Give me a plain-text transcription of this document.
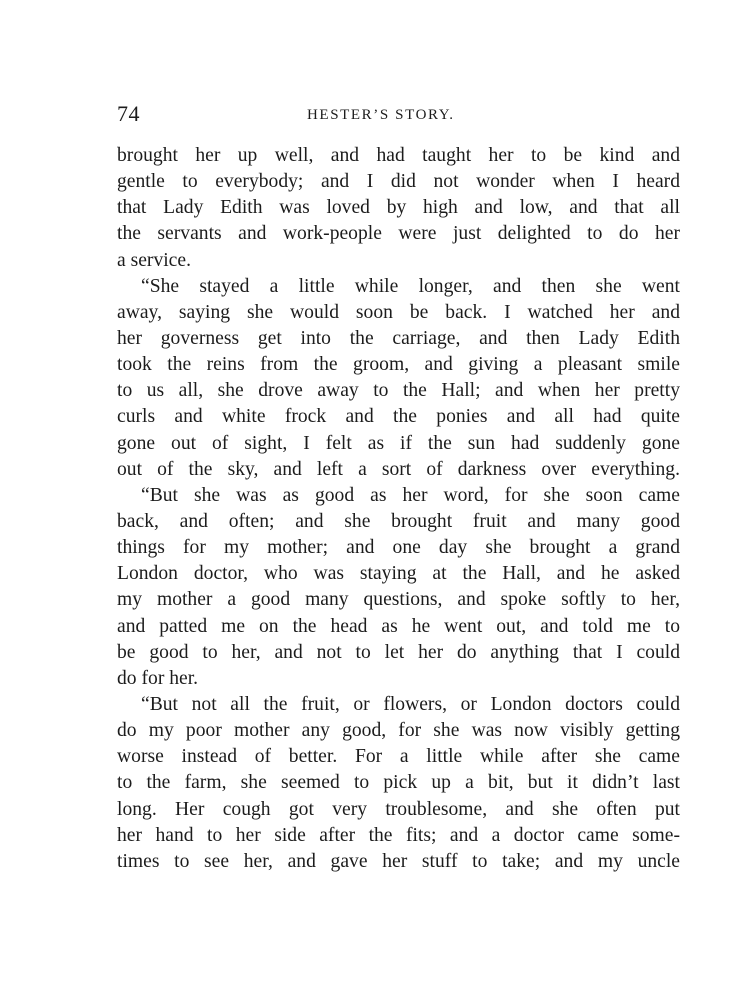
74	HESTER’S STORY.
brought her up well, and had taught her to be kind and
gentle to everybody; and I did not wonder when I heard
that Lady Edith was loved by high and low, and that all
the servants and work-people were just delighted to do her
a service.
“She stayed a little while longer, and then she went
away, saying she would soon be back. I watched her and
her governess get into the carriage, and then Lady Edith
took the reins from the groom, and giving a pleasant smile
to us all, she drove away to the Hall; and when her pretty
curls and white frock and the ponies and all had quite
gone out of sight, I felt as if the sun had suddenly gone
out of the sky, and left a sort of darkness over everything.
“But she was as good as her word, for she soon came
back, and often; and she brought fruit and many good
things for my mother; and one day she brought a grand
London doctor, who was staying at the Hall, and he asked
my mother a good many questions, and spoke softly to her,
and patted me on the head as he went out, and told me to
be good to her, and not to let her do anything that I could
do for her.
“But not all the fruit, or flowers, or London doctors could
do my poor mother any good, for she was now visibly getting
worse instead of better. For a little while after she came
to the farm, she seemed to pick up a bit, but it didn’t last
long. Her cough got very troublesome, and she often put
her hand to her side after the fits; and a doctor came some-
times to see her, and gave her stuff to take; and my uncle
